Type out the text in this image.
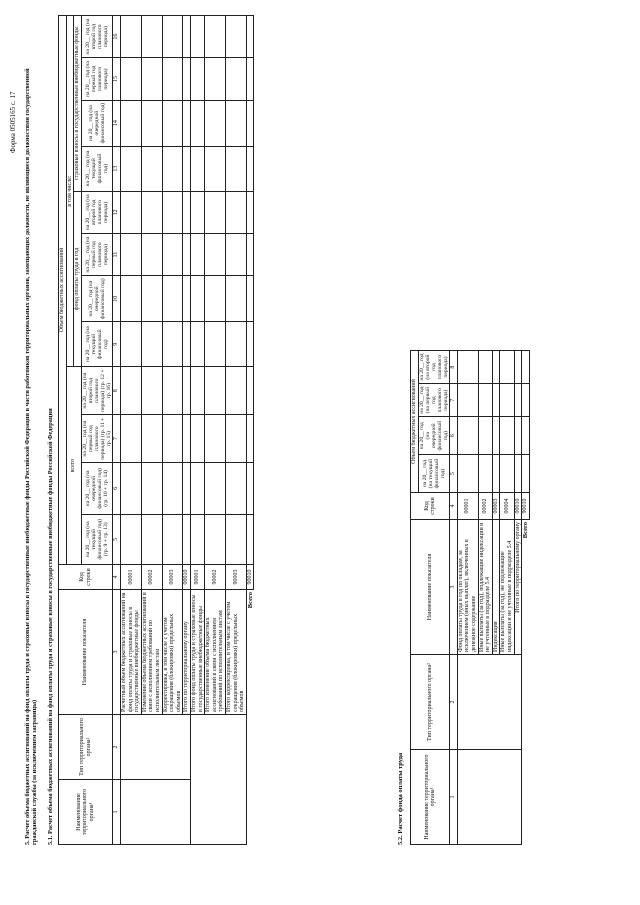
Форма 0505165 с. 17 5. Расчет объема бюджетных ассигнований на фонд оплаты труда и страховые взносы в государственные внебюджетные фонды Российской Федерации в части работников территориальных органов, замещающих должности, не являющиеся должностями государственной гражданской службы (за исключением заграницы) 5.1. Расчет объема бюджетных ассигнований на фонд оплаты труда и страховые взносы в государственные внебюджетные фонды Российской Федерации	Наименование территориального органа¹	Тип территориального органа²	Наименование показателя	Код строки	Объем бюджетных ассигнований											
				всего				в том числе:							
								фонд оплаты труда в год				страховые взносы в государственные внебюджетные фонды			
				на 20__ год (на текущий финансовый год) (гр. 9 + гр. 13)	на 20__ год (на очередной финансовый год) (гр. 10 + гр. 14)	на 20__ год (на первый год планового периода) (гр. 11 + гр. 15)	на 20__ год (на второй год планового периода) (гр. 12 + гр. 16)	на 20__ год (на текущий финансовый год)	на 20__ год (на очередной финансовый год)	на 20__ год (на первый год планового периода)	на 20__ год (на второй год планового периода)	на 20__ год (на текущий финансовый год)	на 20__ год (на очередной финансовый год)	на 20__ год (на первый год планового периода)	на 20__ год (на второй год планового периода)
1	2	3	4	5	6	7	8	9	10	11	12	13	14	15	16
		Расчетный объем бюджетных ассигнований на фонд оплаты труда и страховые взносы в государственные внебюджетные фонды	00001												
		Изменение объема бюджетных ассигнований в связи с исполнением требований по исполнительным листам	00002												
		Корректировка, в том числе с учетом сокращения (блокировки) предельных объемов	00003												
		Итого по территориальному органу	00010												
		Итого фонд оплаты труда и страховые взносы в государственные внебюджетные фонды	90001												
		Итого изменение объема бюджетных ассигнований в связи с исполнением требований по исполнительным листам	90002												
		Итого корректировка, в том числе с учетом сокращения (блокировки) предельных объемов	90003												
Всего			90010												
5.2. Расчет фонда оплаты труда	Наименование территориального органа¹	Тип территориального органа²	Наименование показателя	Код строки	Объем бюджетных ассигнований			
				на 20__ год (на текущий финансовый год)	на 20__ год (на очередной финансовый год)	на 20__ год (на первый год планового периода)	на 20__ год (на второй год планового периода)
1	2	3	4	5	6	7	8
		Фонд оплаты труда в год по окладам, за исключением (иных выплат), включенных в денежное содержание	00001				
		Иные выплаты (за год), подлежащие индексации и не учтенные в подразделе 5.4	00002				
		Индексация	00003				
		Иные выплаты (за год), не подлежащие индексации и не учтенные в подразделе 5.4	00004				
		Итого по территориальному органу	00010				
Всего			90010				
